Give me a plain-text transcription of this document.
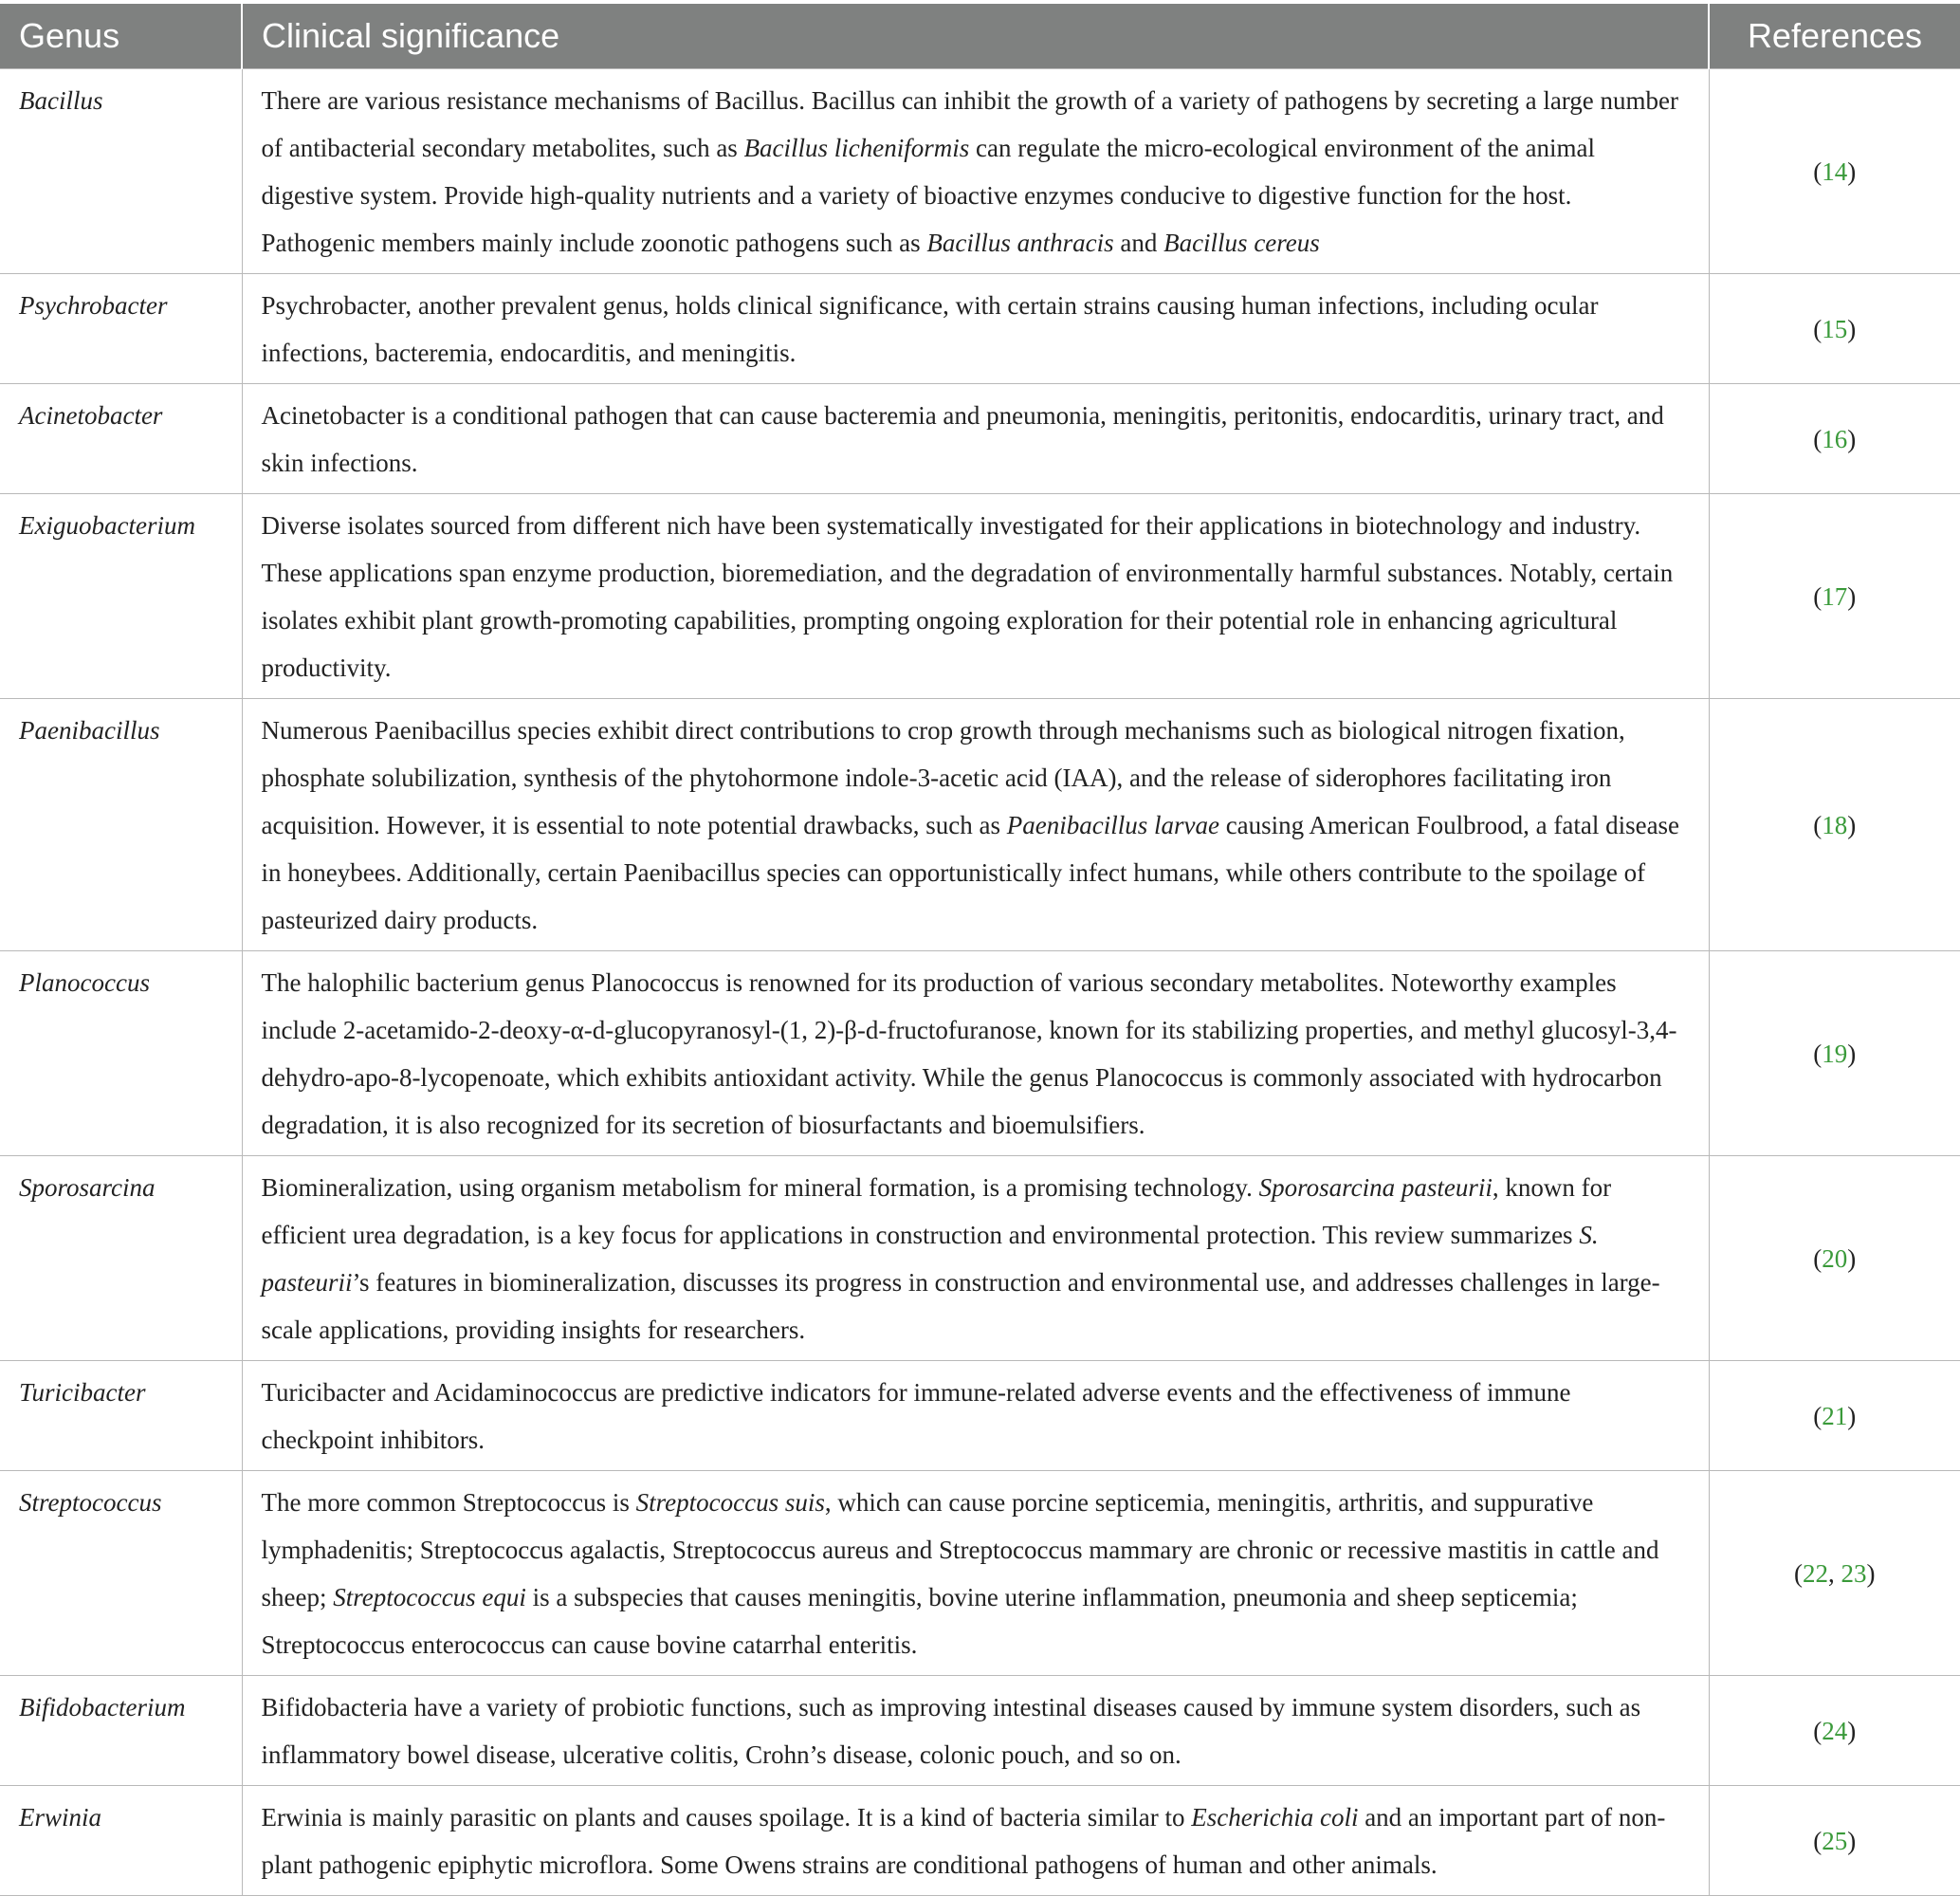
Genus	Clinical significance	References
Bacillus	There are various resistance mechanisms of Bacillus. Bacillus can inhibit the growth of a variety of pathogens by secreting a large number of antibacterial secondary metabolites, such as Bacillus licheniformis can regulate the micro-ecological environment of the animal digestive system. Provide high-quality nutrients and a variety of bioactive enzymes conducive to digestive function for the host. Pathogenic members mainly include zoonotic pathogens such as Bacillus anthracis and Bacillus cereus	(14)
Psychrobacter	Psychrobacter, another prevalent genus, holds clinical significance, with certain strains causing human infections, including ocular infections, bacteremia, endocarditis, and meningitis.	(15)
Acinetobacter	Acinetobacter is a conditional pathogen that can cause bacteremia and pneumonia, meningitis, peritonitis, endocarditis, urinary tract, and skin infections.	(16)
Exiguobacterium	Diverse isolates sourced from different nich have been systematically investigated for their applications in biotechnology and industry. These applications span enzyme production, bioremediation, and the degradation of environmentally harmful substances. Notably, certain isolates exhibit plant growth-promoting capabilities, prompting ongoing exploration for their potential role in enhancing agricultural productivity.	(17)
Paenibacillus	Numerous Paenibacillus species exhibit direct contributions to crop growth through mechanisms such as biological nitrogen fixation, phosphate solubilization, synthesis of the phytohormone indole-3-acetic acid (IAA), and the release of siderophores facilitating iron acquisition. However, it is essential to note potential drawbacks, such as Paenibacillus larvae causing American Foulbrood, a fatal disease in honeybees. Additionally, certain Paenibacillus species can opportunistically infect humans, while others contribute to the spoilage of pasteurized dairy products.	(18)
Planococcus	The halophilic bacterium genus Planococcus is renowned for its production of various secondary metabolites. Noteworthy examples include 2-acetamido-2-deoxy-α-d-glucopyranosyl-(1, 2)-β-d-fructofuranose, known for its stabilizing properties, and methyl glucosyl-3,4-dehydro-apo-8-lycopenoate, which exhibits antioxidant activity. While the genus Planococcus is commonly associated with hydrocarbon degradation, it is also recognized for its secretion of biosurfactants and bioemulsifiers.	(19)
Sporosarcina	Biomineralization, using organism metabolism for mineral formation, is a promising technology. Sporosarcina pasteurii, known for efficient urea degradation, is a key focus for applications in construction and environmental protection. This review summarizes S. pasteurii’s features in biomineralization, discusses its progress in construction and environmental use, and addresses challenges in large-scale applications, providing insights for researchers.	(20)
Turicibacter	Turicibacter and Acidaminococcus are predictive indicators for immune-related adverse events and the effectiveness of immune checkpoint inhibitors.	(21)
Streptococcus	The more common Streptococcus is Streptococcus suis, which can cause porcine septicemia, meningitis, arthritis, and suppurative lymphadenitis; Streptococcus agalactis, Streptococcus aureus and Streptococcus mammary are chronic or recessive mastitis in cattle and sheep; Streptococcus equi is a subspecies that causes meningitis, bovine uterine inflammation, pneumonia and sheep septicemia; Streptococcus enterococcus can cause bovine catarrhal enteritis.	(22, 23)
Bifidobacterium	Bifidobacteria have a variety of probiotic functions, such as improving intestinal diseases caused by immune system disorders, such as inflammatory bowel disease, ulcerative colitis, Crohn’s disease, colonic pouch, and so on.	(24)
Erwinia	Erwinia is mainly parasitic on plants and causes spoilage. It is a kind of bacteria similar to Escherichia coli and an important part of non-plant pathogenic epiphytic microflora. Some Owens strains are conditional pathogens of human and other animals.	(25)
